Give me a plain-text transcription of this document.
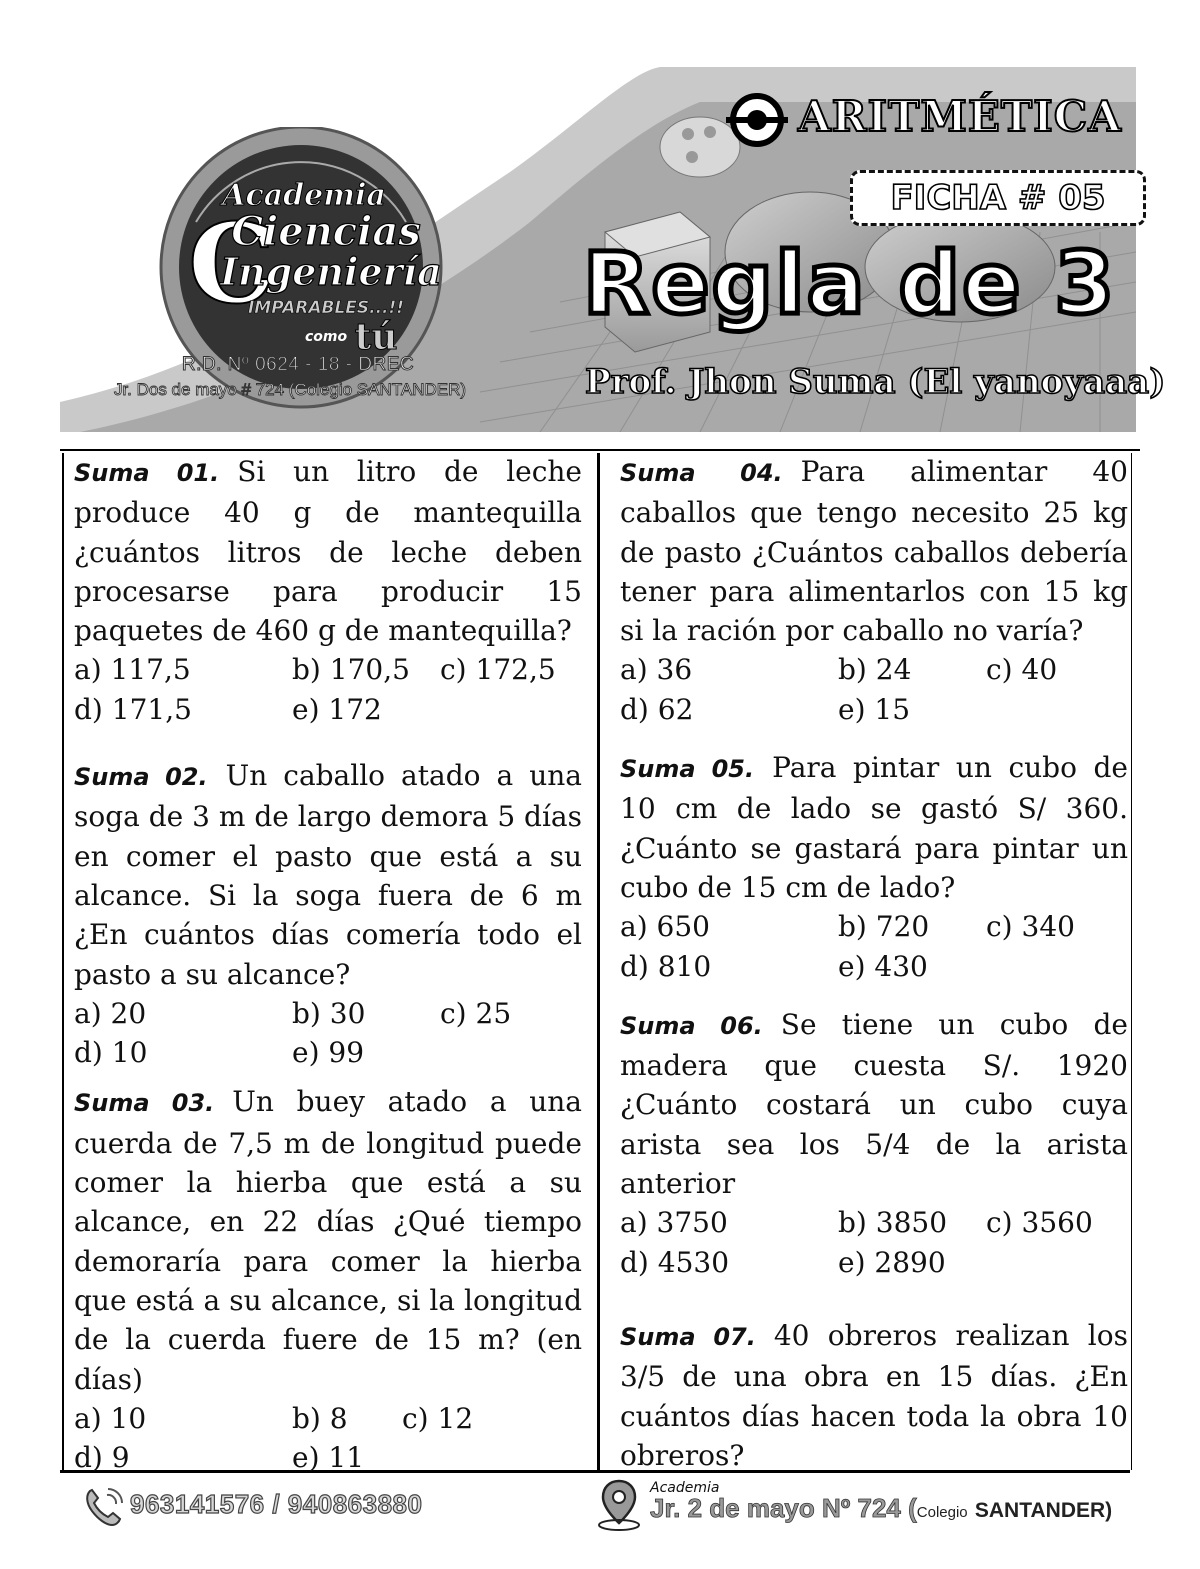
Academia
C
Ciencias
Ingeniería
IMPARABLES...!!
como tú
R.D. Nº 0624 - 18 - DREC
Jr. Dos de mayo # 724 (Colegio SANTANDER)
ARITMÉTICA
FICHA # 05
Regla de 3
Prof. Jhon Suma (El yanoyaaa)
Suma 01. Si un litro de leche produce 40 g de mantequilla ¿cuántos litros de leche deben procesarse para producir 15 paquetes de 460 g de mantequilla?
a) 117,5	b) 170,5	c) 172,5
d) 171,5	e) 172
Suma 02. Un caballo atado a una soga de 3 m de largo demora 5 días en comer el pasto que está a su alcance. Si la soga fuera de 6 m ¿En cuántos días comería todo el pasto a su alcance?
a) 20	b) 30	c) 25
d) 10	e) 99
Suma 03. Un buey atado a una cuerda de 7,5 m de longitud puede comer la hierba que está a su alcance, en 22 días ¿Qué tiempo demoraría para comer la hierba que está a su alcance, si la longitud de la cuerda fuere de 15 m? (en días)
a) 10	b) 8	c) 12
d) 9	e) 11
Suma 04. Para alimentar 40 caballos que tengo necesito 25 kg de pasto ¿Cuántos caballos debería tener para alimentarlos con 15 kg si la ración por caballo no varía?
a) 36	b) 24	c) 40
d) 62	e) 15
Suma 05. Para pintar un cubo de 10 cm de lado se gastó S/ 360. ¿Cuánto se gastará para pintar un cubo de 15 cm de lado?
a) 650	b) 720	c) 340
d) 810	e) 430
Suma 06. Se tiene un cubo de madera que cuesta S/. 1920 ¿Cuánto costará un cubo cuya arista sea los 5/4 de la arista anterior
a) 3750	b) 3850	c) 3560
d) 4530	e) 2890
Suma 07. 40 obreros realizan los 3/5 de una obra en 15 días. ¿En cuántos días hacen toda la obra 10 obreros?
963141576 / 940863880
Academia
Jr. 2 de mayo Nº 724 (Colegio SANTANDER)
